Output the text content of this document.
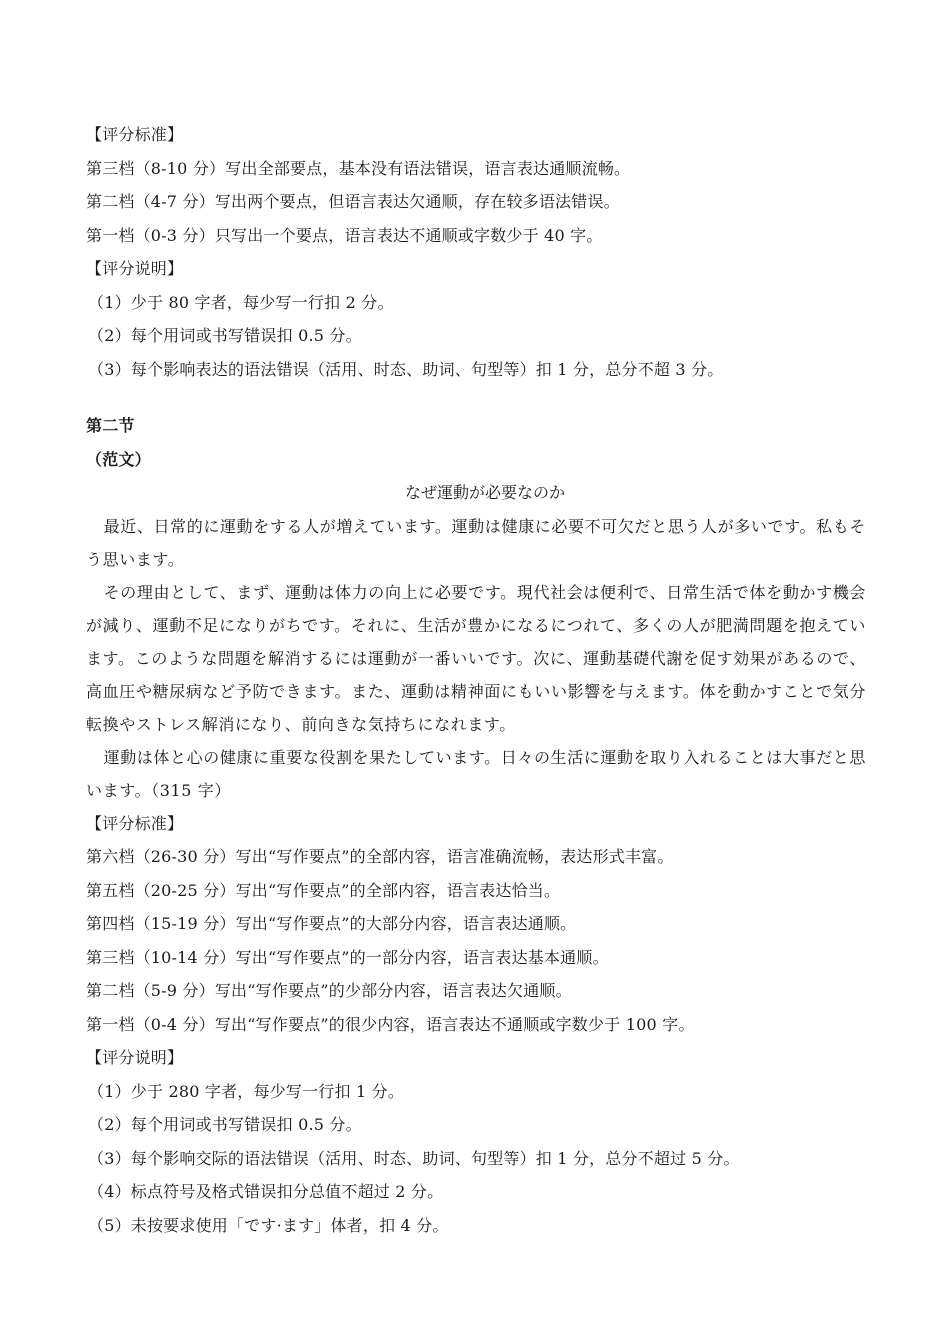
【评分标准】
第三档（8-10 分）写出全部要点，基本没有语法错误，语言表达通顺流畅。
第二档（4-7 分）写出两个要点，但语言表达欠通顺，存在较多语法错误。
第一档（0-3 分）只写出一个要点，语言表达不通顺或字数少于 40 字。
【评分说明】
（1）少于 80 字者，每少写一行扣 2 分。
（2）每个用词或书写错误扣 0.5 分。
（3）每个影响表达的语法错误（活用、时态、助词、句型等）扣 1 分，总分不超 3 分。
第二节
（范文）
なぜ運動が必要なのか
最近、日常的に運動をする人が増えています。運動は健康に必要不可欠だと思う人が多いです。私もそう思います。
その理由として、まず、運動は体力の向上に必要です。現代社会は便利で、日常生活で体を動かす機会が減り、運動不足になりがちです。それに、生活が豊かになるにつれて、多くの人が肥満問題を抱えています。このような問題を解消するには運動が一番いいです。次に、運動基礎代謝を促す効果があるので、高血圧や糖尿病など予防できます。また、運動は精神面にもいい影響を与えます。体を動かすことで気分転換やストレス解消になり、前向きな気持ちになれます。
運動は体と心の健康に重要な役割を果たしています。日々の生活に運動を取り入れることは大事だと思います。（315 字）
【评分标准】
第六档（26-30 分）写出“写作要点”的全部内容，语言准确流畅，表达形式丰富。
第五档（20-25 分）写出“写作要点”的全部内容，语言表达恰当。
第四档（15-19 分）写出“写作要点”的大部分内容，语言表达通顺。
第三档（10-14 分）写出“写作要点”的一部分内容，语言表达基本通顺。
第二档（5-9 分）写出“写作要点”的少部分内容，语言表达欠通顺。
第一档（0-4 分）写出“写作要点”的很少内容，语言表达不通顺或字数少于 100 字。
【评分说明】
（1）少于 280 字者，每少写一行扣 1 分。
（2）每个用词或书写错误扣 0.5 分。
（3）每个影响交际的语法错误（活用、时态、助词、句型等）扣 1 分，总分不超过 5 分。
（4）标点符号及格式错误扣分总值不超过 2 分。
（5）未按要求使用「です·ます」体者，扣 4 分。
